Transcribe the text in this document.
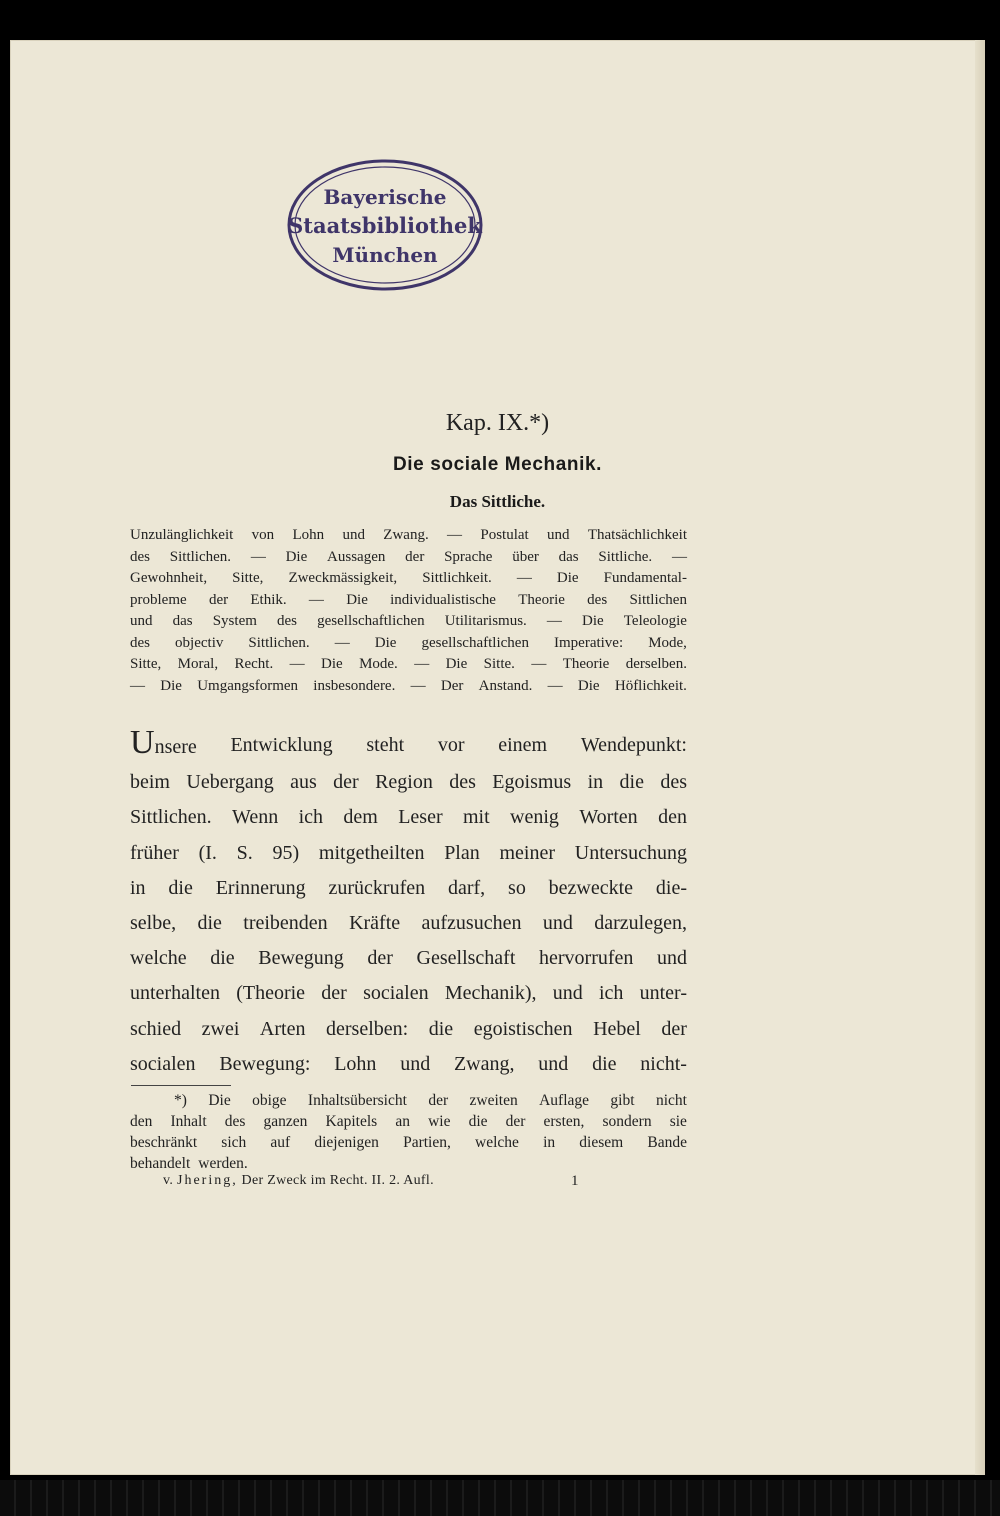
Bayerische
Staatsbibliothek
München
Kap. IX.*)
Die sociale Mechanik.
Das Sittliche.
Unzulänglichkeit von Lohn und Zwang. — Postulat und Thatsächlichkeit
des Sittlichen. — Die Aussagen der Sprache über das Sittliche. —
Gewohnheit, Sitte, Zweckmässigkeit, Sittlichkeit. — Die Fundamental-
probleme der Ethik. — Die individualistische Theorie des Sittlichen
und das System des gesellschaftlichen Utilitarismus. — Die Teleologie
des objectiv Sittlichen. — Die gesellschaftlichen Imperative: Mode,
Sitte, Moral, Recht. — Die Mode. — Die Sitte. — Theorie derselben.
— Die Umgangsformen insbesondere. — Der Anstand. — Die Höflichkeit.
Unsere Entwicklung steht vor einem Wendepunkt:
beim Uebergang aus der Region des Egoismus in die des
Sittlichen. Wenn ich dem Leser mit wenig Worten den
früher (I. S. 95) mitgetheilten Plan meiner Untersuchung
in die Erinnerung zurückrufen darf, so bezweckte die-
selbe, die treibenden Kräfte aufzusuchen und darzulegen,
welche die Bewegung der Gesellschaft hervorrufen und
unterhalten (Theorie der socialen Mechanik), und ich unter-
schied zwei Arten derselben: die egoistischen Hebel der
socialen Bewegung: Lohn und Zwang, und die nicht-
*) Die obige Inhaltsübersicht der zweiten Auflage gibt nicht
den Inhalt des ganzen Kapitels an wie die der ersten, sondern sie
beschränkt sich auf diejenigen Partien, welche in diesem Bande
behandelt werden.
v. Jhering, Der Zweck im Recht. II. 2. Aufl.	1
